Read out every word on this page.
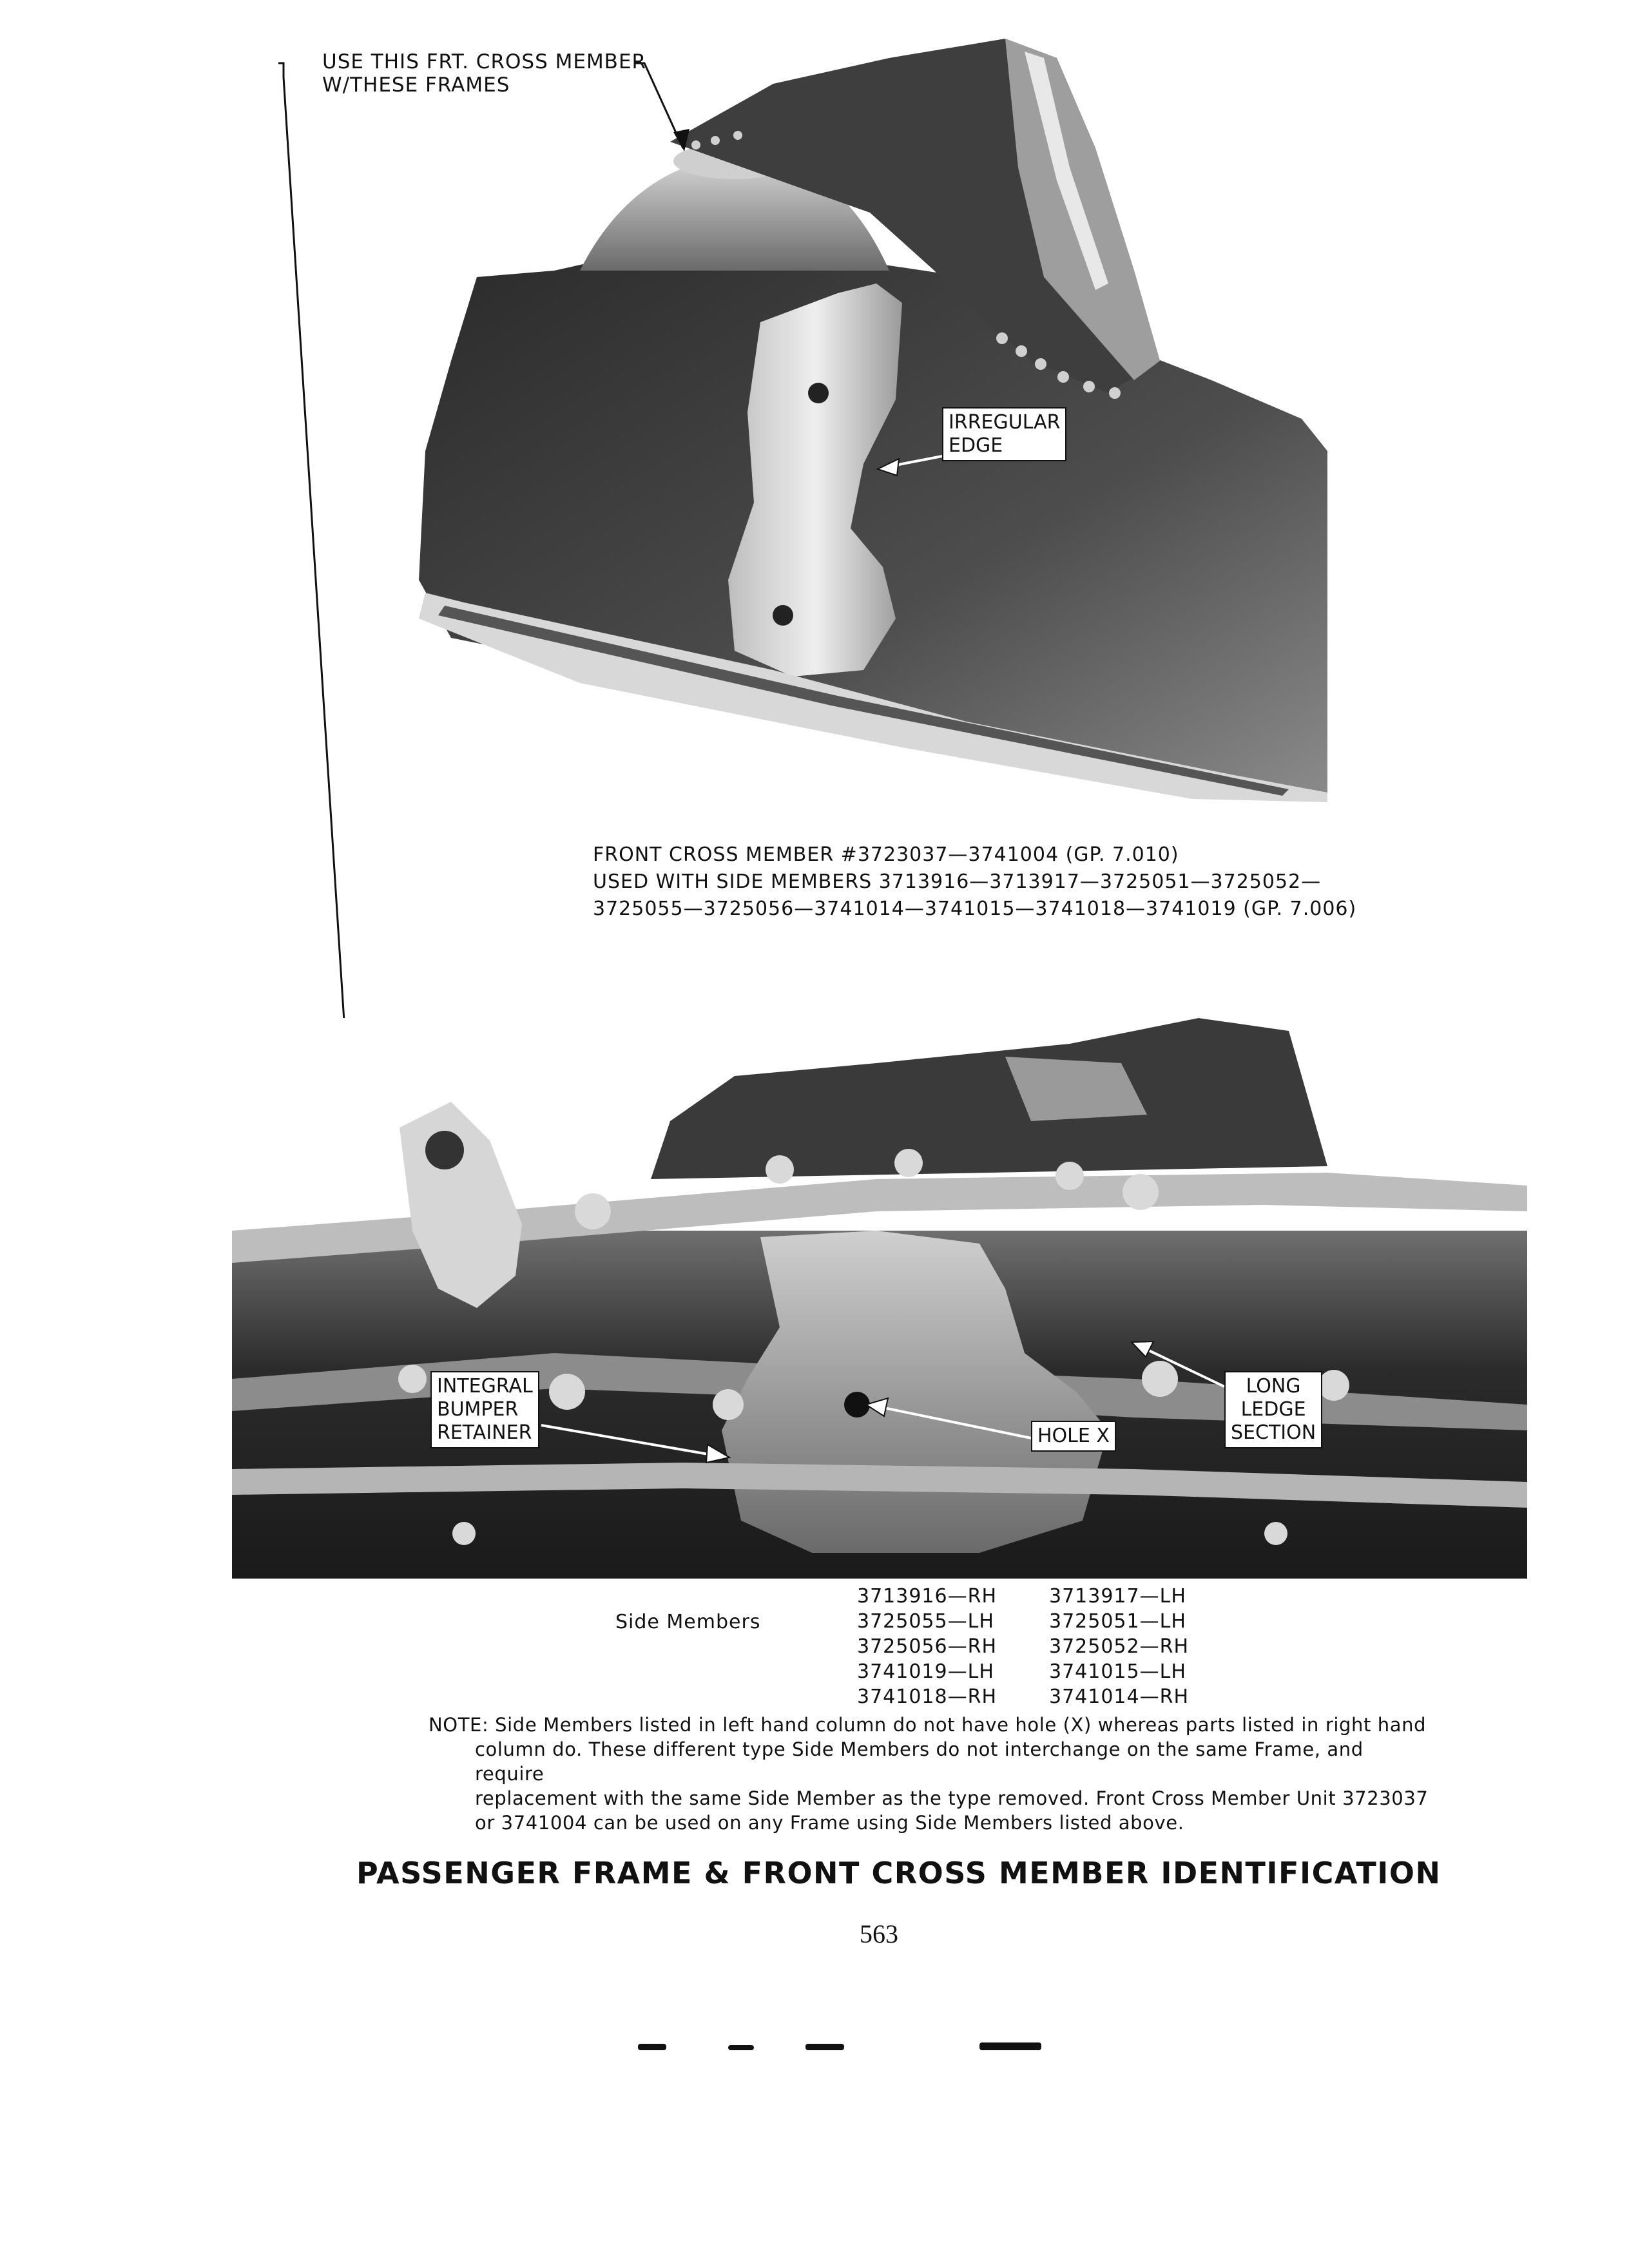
USE THIS FRT. CROSS MEMBER
W/THESE FRAMES
IRREGULAR
EDGE
FRONT CROSS MEMBER #3723037—3741004 (GP. 7.010)
USED WITH SIDE MEMBERS 3713916—3713917—3725051—3725052—
3725055—3725056—3741014—3741015—3741018—3741019 (GP. 7.006)
INTEGRAL
BUMPER
RETAINER	HOLE X
LONG
LEDGE
SECTION
Side Members
3713916—RH
3725055—LH
3725056—RH
3741019—LH
3741018—RH
3713917—LH
3725051—LH
3725052—RH
3741015—LH
3741014—RH
NOTE: Side Members listed in left hand column do not have hole (X) whereas parts listed in right hand
column do. These different type Side Members do not interchange on the same Frame, and require
replacement with the same Side Member as the type removed. Front Cross Member Unit 3723037
or 3741004 can be used on any Frame using Side Members listed above.
PASSENGER FRAME & FRONT CROSS MEMBER IDENTIFICATION
563
